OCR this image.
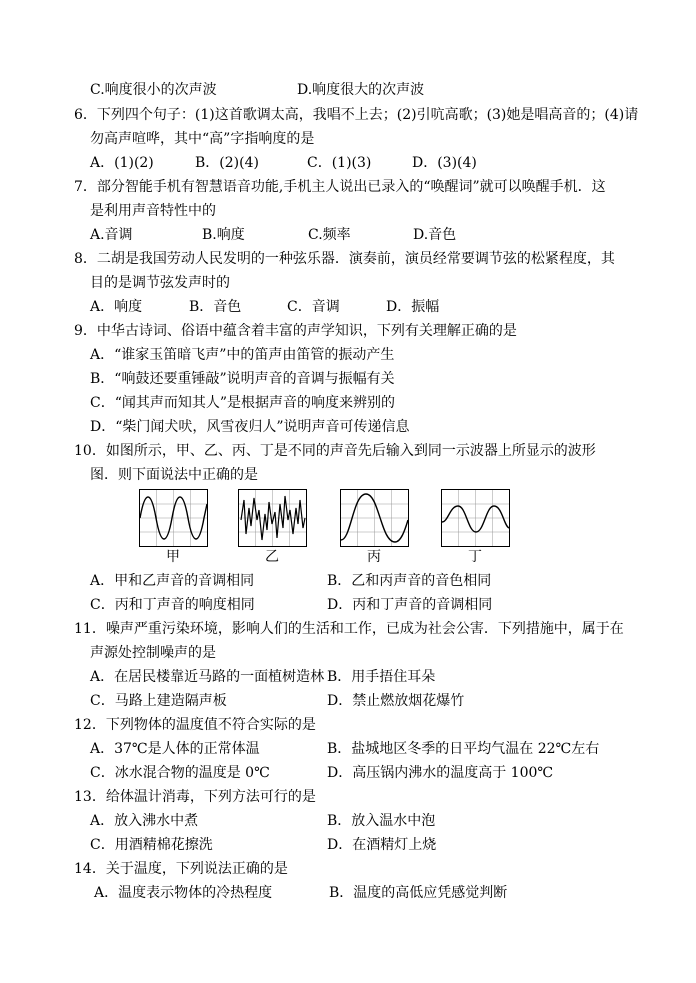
C.响度很小的次声波	D.响度很大的次声波
6．下列四个句子：(1)这首歌调太高，我唱不上去；(2)引吭高歌；(3)她是唱高音的；(4)请
勿高声喧哗，其中“高”字指响度的是
A．(1)(2)	B．(2)(4)	C．(1)(3)	D．(3)(4)
7．部分智能手机有智慧语音功能,手机主人说出已录入的“唤醒词”就可以唤醒手机．这
是利用声音特性中的
A.音调	B.响度	C.频率	D.音色
8．二胡是我国劳动人民发明的一种弦乐器．演奏前，演员经常要调节弦的松紧程度，其
目的是调节弦发声时的
A．响度	B．音色	C．音调	D．振幅
9．中华古诗词、俗语中蕴含着丰富的声学知识，下列有关理解正确的是
A．“谁家玉笛暗飞声”中的笛声由笛管的振动产生
B．“响鼓还要重锤敲”说明声音的音调与振幅有关
C．“闻其声而知其人”是根据声音的响度来辨别的
D．“柴门闻犬吠，风雪夜归人”说明声音可传递信息
10．如图所示，甲、乙、丙、丁是不同的声音先后输入到同一示波器上所显示的波形
图．则下面说法中正确的是
甲	乙	丙	丁
A．甲和乙声音的音调相同	B．乙和丙声音的音色相同
C．丙和丁声音的响度相同	D．丙和丁声音的音调相同
11．噪声严重污染环境，影响人们的生活和工作，已成为社会公害．下列措施中，属于在
声源处控制噪声的是
A．在居民楼靠近马路的一面植树造林 B．用手捂住耳朵
C．马路上建造隔声板	D．禁止燃放烟花爆竹
12．下列物体的温度值不符合实际的是
A．37℃是人体的正常体温	B．盐城地区冬季的日平均气温在 22℃左右
C．冰水混合物的温度是 0℃	D．高压锅内沸水的温度高于 100℃
13．给体温计消毒，下列方法可行的是
A．放入沸水中煮	B．放入温水中泡
C．用酒精棉花擦洗	D．在酒精灯上烧
14．关于温度，下列说法正确的是
A．温度表示物体的冷热程度	B．温度的高低应凭感觉判断
